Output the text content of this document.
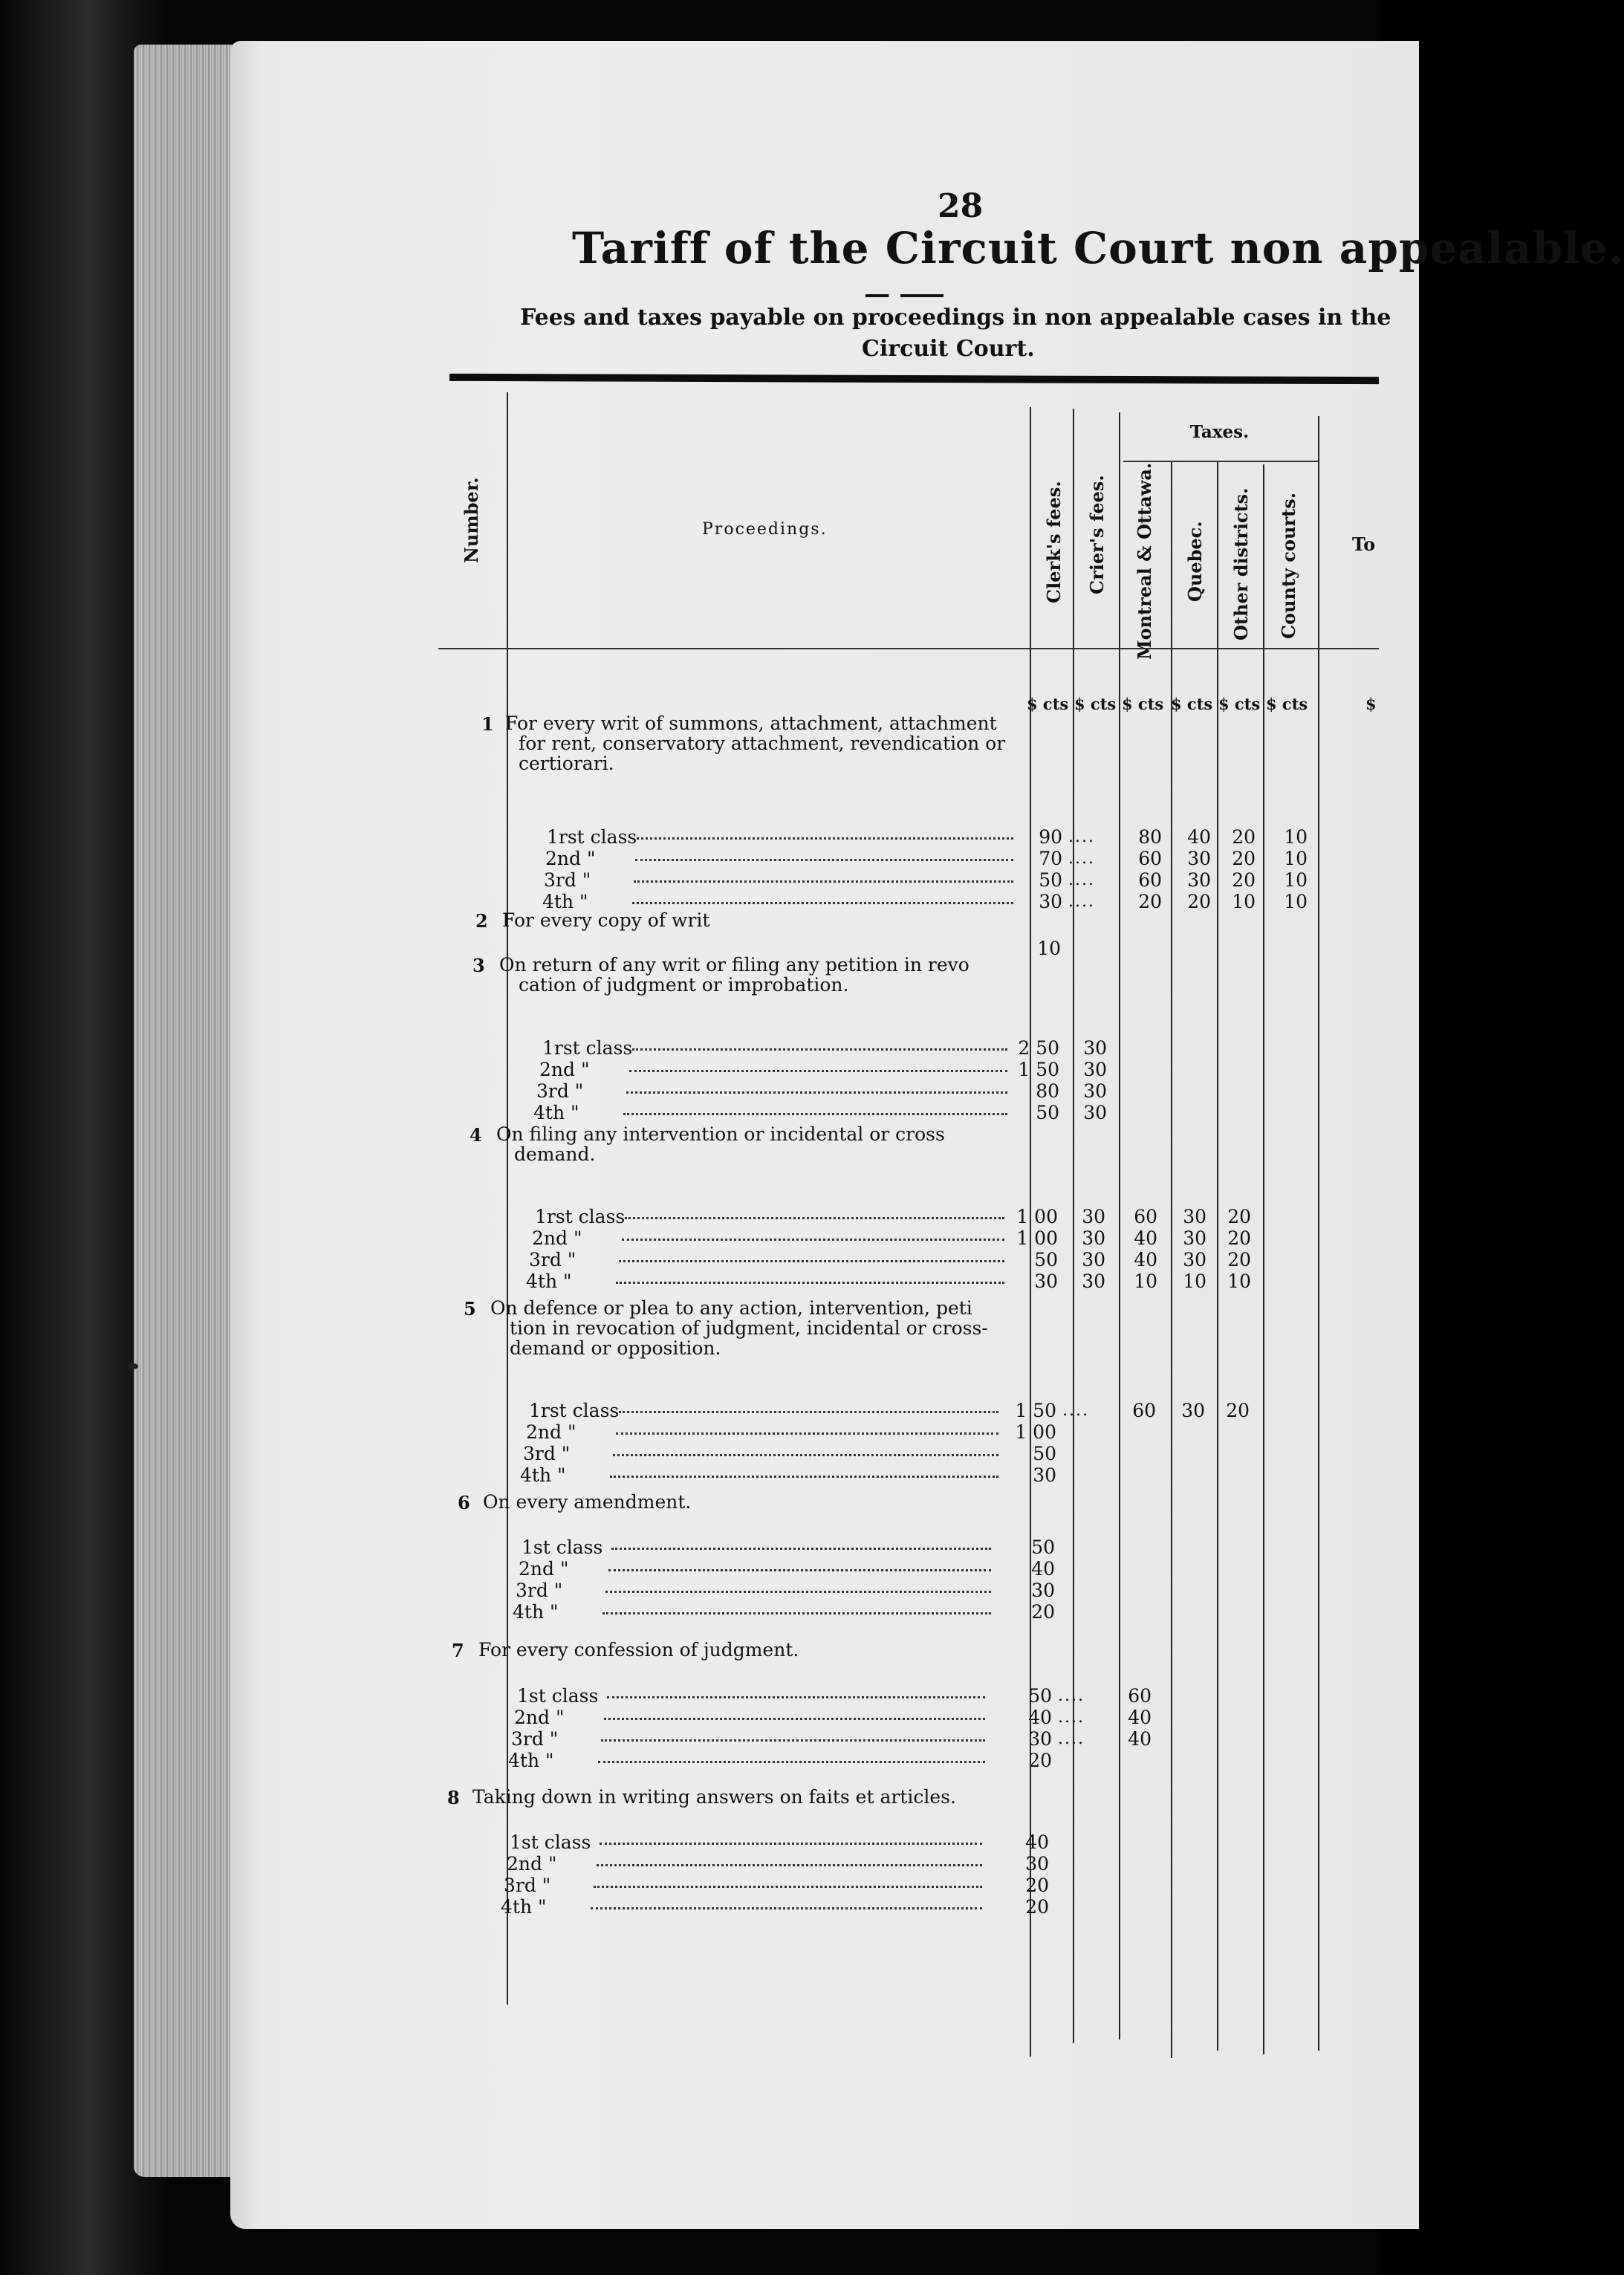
28
Tariff of the Circuit Court non appealable.
Fees and taxes payable on proceedings in non appealable cases in the
Circuit Court.
Number.	Proceedings.
Taxes.
Clerk's fees. Crier's fees. Montreal & Ottawa. Quebec. Other districts. County courts.	To
$ cts $ cts $ cts $ cts $ cts $ cts	$
1 For every writ of summons, attachment, attachment
for rent, conservatory attachment, revendication or certiorari.
1rst class	90 .... 80 40 20 10
2nd "	70 .... 60 30 20 10
3rd "	50 .... 60 30 20 10
4th "	30 .... 20 20 10 10
2 For every copy of writ
10
3 On return of any writ or filing any petition in revo
cation of judgment or improbation.
1rst class	2 50 30
2nd "	1 50 30
3rd "	80 30
4th "	50 30
4 On filing any intervention or incidental or cross
demand.
1rst class	1 00 30 60 30 20
2nd "	1 00 30 40 30 20
3rd "	50 30 40 30 20
4th "	30 30 10 10 10
5 On defence or plea to any action, intervention, peti
tion in revocation of judgment, incidental or cross-demand or opposition.
1rst class	1 50 .... 60 30 20
2nd "	1 00
3rd "	50
4th "	30
6 On every amendment.
1st class	50
2nd "	40
3rd "	30
4th "	20
7 For every confession of judgment.
1st class	50 .... 60
2nd "	40 .... 40
3rd "	30 .... 40
4th "	20
8 Taking down in writing answers on faits et articles.
1st class	40
2nd "	30
3rd "	20
4th "	20
